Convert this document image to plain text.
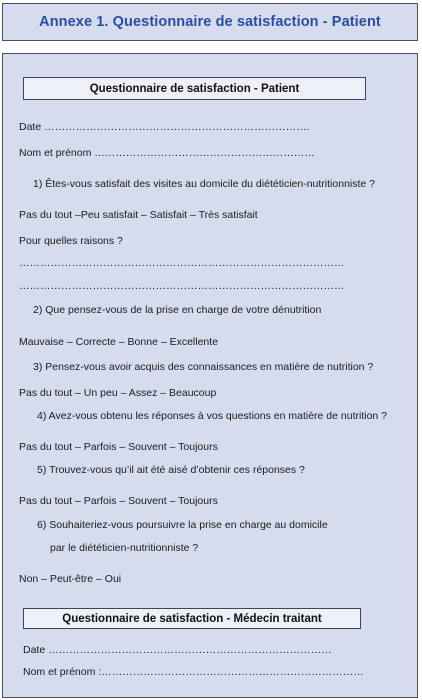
Annexe 1. Questionnaire de satisfaction - Patient
Questionnaire de satisfaction - Patient
Date ………………………………………………………………….
Nom et prénom ………………………………………………………
1) Êtes-vous satisfait des visites au domicile du diététicien-nutritionniste ?
Pas du tout –Peu satisfait – Satisfait – Très satisfait
Pour quelles raisons ?
…………………………………………………………………………………
…………………………………………………………………………………
2) Que pensez-vous de la prise en charge de votre dénutrition
Mauvaise – Correcte – Bonne – Excellente
3) Pensez-vous avoir acquis des connaissances en matière de nutrition ?
Pas du tout – Un peu – Assez – Beaucoup
4) Avez-vous obtenu les réponses à vos questions en matière de nutrition ?
Pas du tout – Parfois – Souvent – Toujours
5) Trouvez-vous qu’il ait été aisé d’obtenir ces réponses ?
Pas du tout – Parfois – Souvent – Toujours
6) Souhaiteriez-vous poursuivre la prise en charge au domicile
par le diététicien-nutritionniste ?
Non – Peut-être – Oui
Questionnaire de satisfaction - Médecin traitant
Date ………………………………………………………………………
Nom et prénom :…………………………………………………………………
